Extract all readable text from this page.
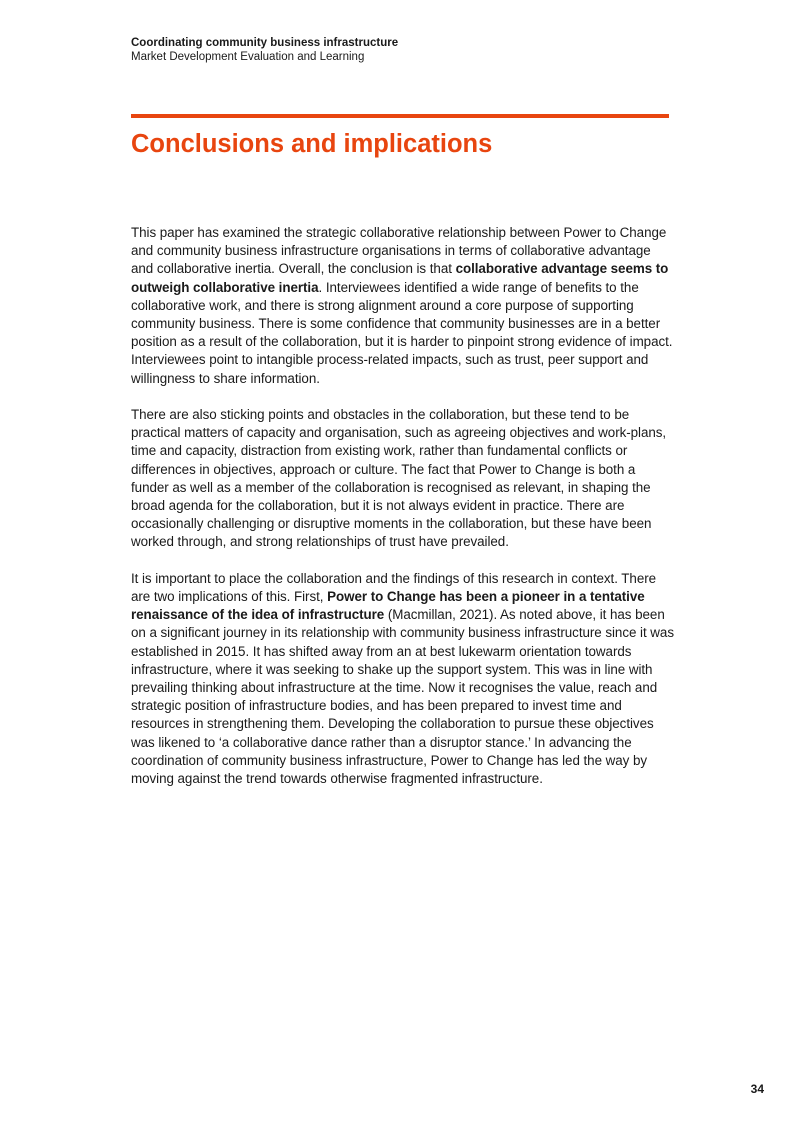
Coordinating community business infrastructure
Market Development Evaluation and Learning
Conclusions and implications

This paper has examined the strategic collaborative relationship between Power to Change and community business infrastructure organisations in terms of collaborative advantage and collaborative inertia. Overall, the conclusion is that collaborative advantage seems to outweigh collaborative inertia. Interviewees identified a wide range of benefits to the collaborative work, and there is strong alignment around a core purpose of supporting community business. There is some confidence that community businesses are in a better position as a result of the collaboration, but it is harder to pinpoint strong evidence of impact. Interviewees point to intangible process-related impacts, such as trust, peer support and willingness to share information.

There are also sticking points and obstacles in the collaboration, but these tend to be practical matters of capacity and organisation, such as agreeing objectives and work-plans, time and capacity, distraction from existing work, rather than fundamental conflicts or differences in objectives, approach or culture. The fact that Power to Change is both a funder as well as a member of the collaboration is recognised as relevant, in shaping the broad agenda for the collaboration, but it is not always evident in practice. There are occasionally challenging or disruptive moments in the collaboration, but these have been worked through, and strong relationships of trust have prevailed.

It is important to place the collaboration and the findings of this research in context. There are two implications of this. First, Power to Change has been a pioneer in a tentative renaissance of the idea of infrastructure (Macmillan, 2021). As noted above, it has been on a significant journey in its relationship with community business infrastructure since it was established in 2015. It has shifted away from an at best lukewarm orientation towards infrastructure, where it was seeking to shake up the support system. This was in line with prevailing thinking about infrastructure at the time. Now it recognises the value, reach and strategic position of infrastructure bodies, and has been prepared to invest time and resources in strengthening them. Developing the collaboration to pursue these objectives was likened to ‘a collaborative dance rather than a disruptor stance.’ In advancing the coordination of community business infrastructure, Power to Change has led the way by moving against the trend towards otherwise fragmented infrastructure.

34
